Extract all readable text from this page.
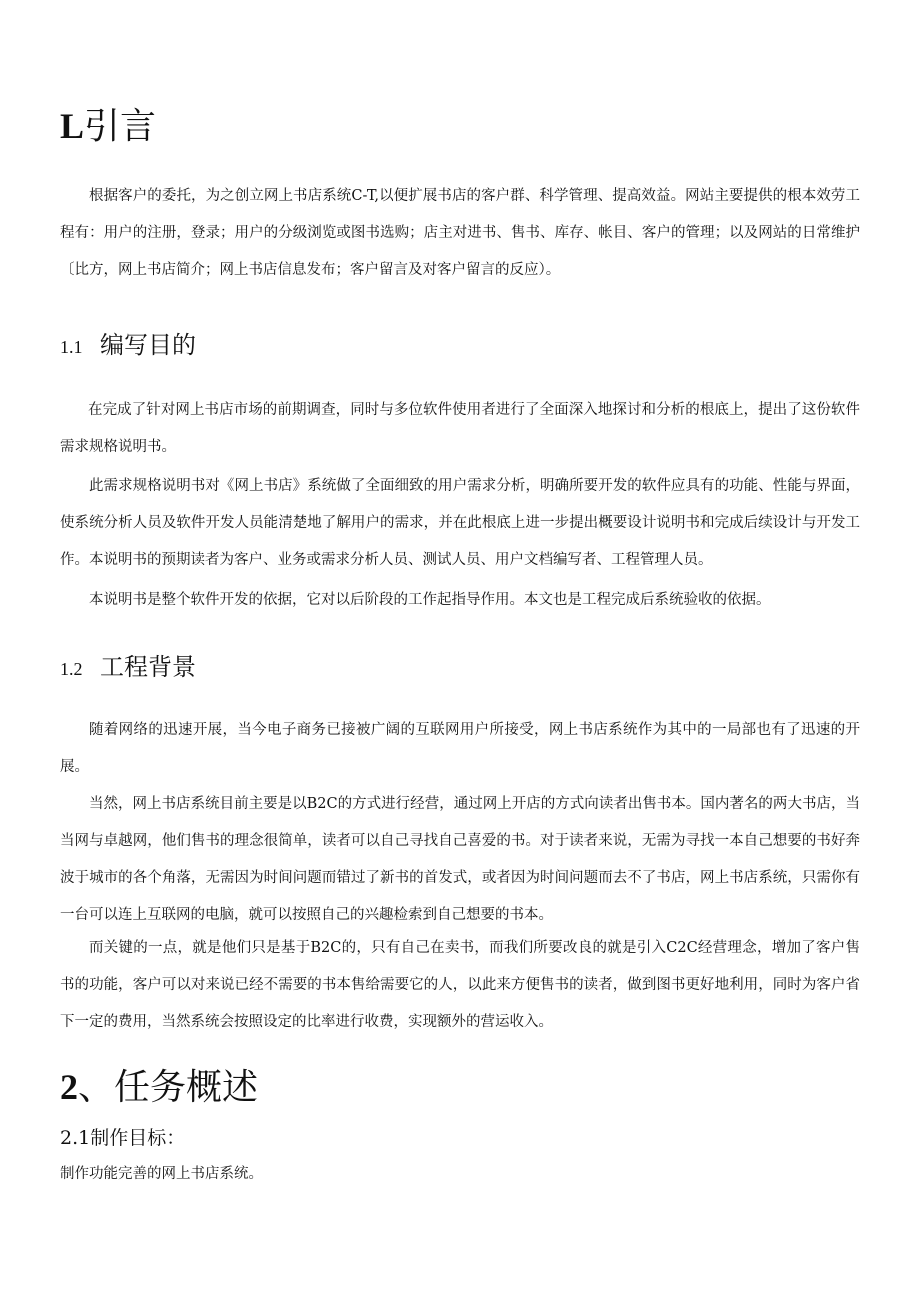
L引言

根据客户的委托，为之创立网上书店系统C-T,以便扩展书店的客户群、科学管理、提高效益。网站主要提供的根本效劳工程有：用户的注册，登录；用户的分级浏览或图书选购；店主对进书、售书、库存、帐目、客户的管理；以及网站的日常维护〔比方，网上书店简介；网上书店信息发布；客户留言及对客户留言的反应）。

1.1 编写目的

在完成了针对网上书店市场的前期调查，同时与多位软件使用者进行了全面深入地探讨和分析的根底上，提出了这份软件需求规格说明书。

此需求规格说明书对《网上书店》系统做了全面细致的用户需求分析，明确所要开发的软件应具有的功能、性能与界面，使系统分析人员及软件开发人员能清楚地了解用户的需求，并在此根底上进一步提出概要设计说明书和完成后续设计与开发工作。本说明书的预期读者为客户、业务或需求分析人员、测试人员、用户文档编写者、工程管理人员。

本说明书是整个软件开发的依据，它对以后阶段的工作起指导作用。本文也是工程完成后系统验收的依据。

1.2 工程背景

随着网络的迅速开展，当今电子商务已接被广阔的互联网用户所接受，网上书店系统作为其中的一局部也有了迅速的开展。

当然，网上书店系统目前主要是以B2C的方式进行经营，通过网上开店的方式向读者出售书本。国内著名的两大书店，当当网与卓越网，他们售书的理念很简单，读者可以自己寻找自己喜爱的书。对于读者来说，无需为寻找一本自己想要的书好奔波于城市的各个角落，无需因为时间问题而错过了新书的首发式，或者因为时间问题而去不了书店，网上书店系统，只需你有一台可以连上互联网的电脑，就可以按照自己的兴趣检索到自己想要的书本。

而关键的一点，就是他们只是基于B2C的，只有自己在卖书，而我们所要改良的就是引入C2C经营理念，增加了客户售书的功能，客户可以对来说已经不需要的书本售给需要它的人，以此来方便售书的读者，做到图书更好地利用，同时为客户省下一定的费用，当然系统会按照设定的比率进行收费，实现额外的营运收入。

2、任务概述
2.1制作目标：

制作功能完善的网上书店系统。
